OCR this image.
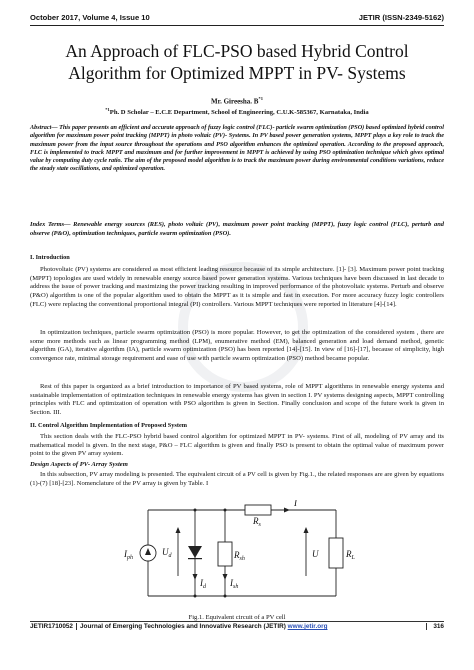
October 2017, Volume 4, Issue 10	JETIR (ISSN-2349-5162)
An Approach of FLC-PSO based Hybrid Control
Algorithm for Optimized MPPT in PV- Systems
Mr. Gireesha. $B^{*1}$
$^{*1}$Ph. D Scholar – E.C.E Department, School of Engineering, C.U.K-585367, Karnataka, India
Abstract— This paper presents an efficient and accurate approach of fuzzy logic control (FLC)- particle swarm optimization (PSO) based optimized hybrid control algorithm for maximum power point tracking (MPPT) in photo voltaic (PV)- Systems. In PV based power generation systems, MPPT plays a key role to track the maximum power from the input source throughout the operations and PSO algorithm enhances the optimized operation. According to the proposed approach, FLC is implemented to track MPPT and maximum and for further improvement in MPPT is achieved by using PSO optimization technique which gives optimal value by computing duty cycle ratio. The aim of the proposed model algorithm is to track the maximum power during environmental conditions variations, reduce the steady state oscillations, and optimized operation.
Index Terms— Renewable energy sources (RES), photo voltaic (PV), maximum power point tracking (MPPT), fuzzy logic control (FLC), perturb and observe (P&O), optimization techniques, particle swarm optimization (PSO).
I. Introduction
Photovoltaic (PV) systems are considered as most efficient leading resource because of its simple architecture. [1]- [3]. Maximum power point tracking (MPPT) topologies are used widely in renewable energy source based power generation systems. Various techniques have been discussed in last decade to address the issue of power tracking and maximizing the power tracking resulting in improved performance of the photovoltaic systems. Perturb and observe (P&O) algorithm is one of the popular algorithm used to obtain the MPPT as it is simple and fast in execution. For more accuracy fuzzy logic controllers (FLC) were replacing the conventional proportional integral (PI) controllers. Various MPPT techniques were reported in literature [4]-[14].
In optimization techniques, particle swarm optimization (PSO) is more popular. However, to get the optimization of the considered system , there are some more methods such as linear programming method (LPM), enumerative method (EM), balanced generation and load demand method, genetic algorithm (GA), iterative algorithm (IA), particle swarm optimization (PSO) has been reported [14]-[15]. In view of [16]-[17], because of simplicity, high convergence rate, minimal storage requirement and ease of use with particle swarm optimization (PSO) method became popular.
Rest of this paper is organized as a brief introduction to importance of PV based systems, role of MPPT algorithms in renewable energy systems and sustainable implementation of optimization techniques in renewable energy systems has given in section I. PV systems designing aspects, MPPT controlling principles with FLC and optimization of operation with PSO algorithm is given in Section. Finally conclusion and scope of the future work is given in Section. III.
II. Control Algorithm Implementation of Proposed System
This section deals with the FLC-PSO hybrid based control algorithm for optimized MPPT in PV- systems. First of all, modeling of PV array and its mathematical model is given. In the next stage, P&O – FLC algorithm is given and finally PSO is present to obtain the optimal value of maximum power point to the given PV array system.
Design Aspects of PV- Array System
In this subsection, PV array modeling is presented. The equivalent circuit of a PV cell is given by Fig.1., the related responses are are given by equations (1)-(7) [18]-[23]. Nomenclature of the PV array is given by Table. I
$I_{ph}$
$U_d$
$I_d$
$R_{sh}$
$I_{sh}$
$R_s$
I
U	$R_L$
Fig.1. Equivalent circuit of a PV cell
JETIR1710052	Journal of Emerging Technologies and Innovative Research (JETIR) www.jetir.org	316
